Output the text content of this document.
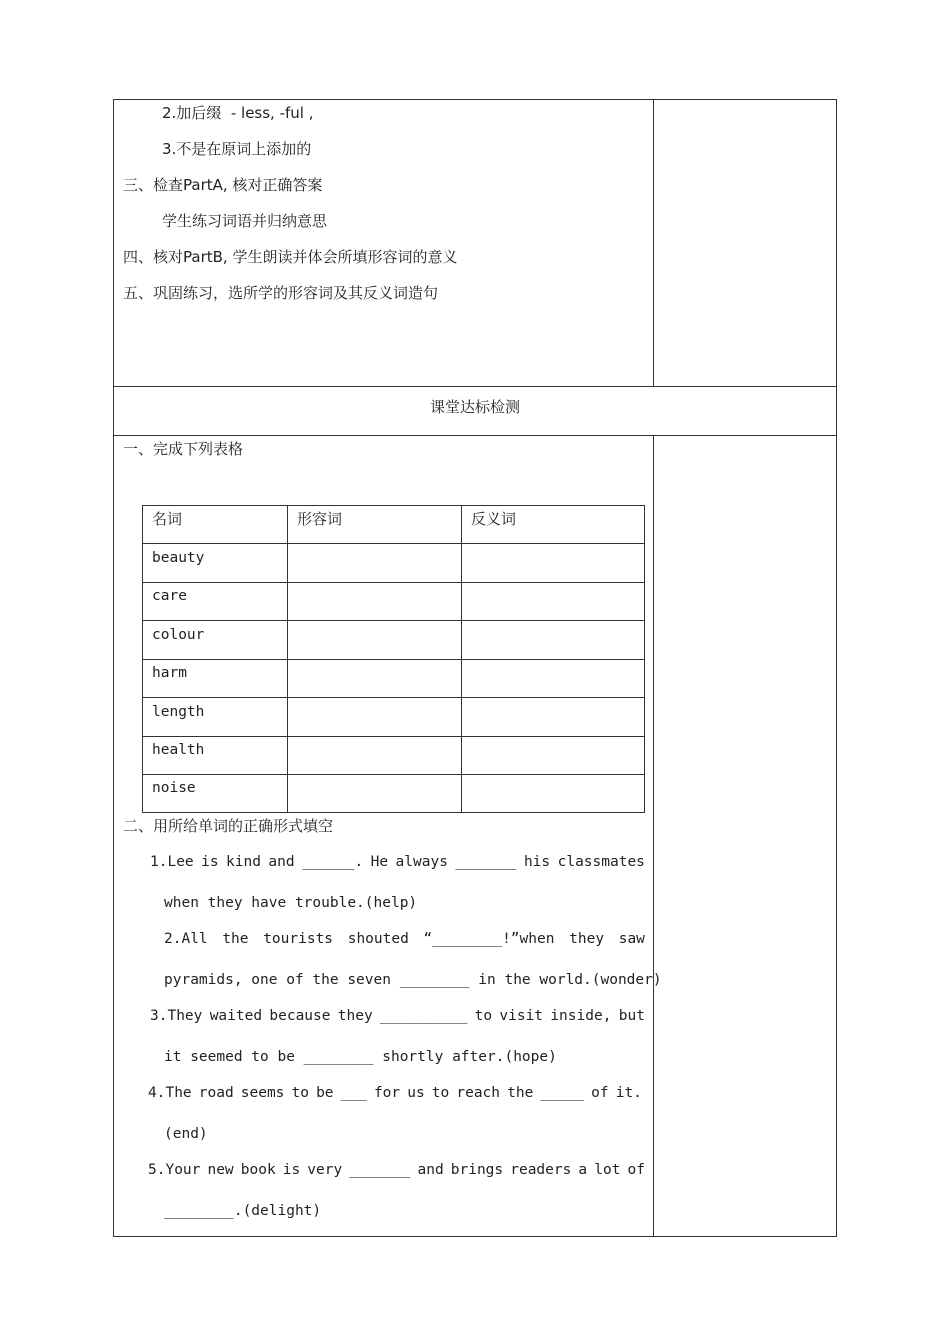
2.加后缀  - less, -ful ,
3.不是在原词上添加的
三、检查PartA, 核对正确答案
学生练习词语并归纳意思
四、核对PartB, 学生朗读并体会所填形容词的意义
五、巩固练习，选所学的形容词及其反义词造句
课堂达标检测
一、完成下列表格
名词	形容词	反义词
beauty
care
colour
harm
length
health
noise
二、用所给单词的正确形式填空
1.Lee is kind and ______. He always _______ his classmates
when they have trouble.(help)
2.All the tourists shouted “________!”when they saw
pyramids, one of the seven ________ in the world.(wonder)
3.They waited because they __________ to visit inside, but
it seemed to be ________ shortly after.(hope)
4.The road seems to be ___ for us to reach the _____ of it.
(end)
5.Your new book is very _______ and brings readers a lot of
________.(delight)
